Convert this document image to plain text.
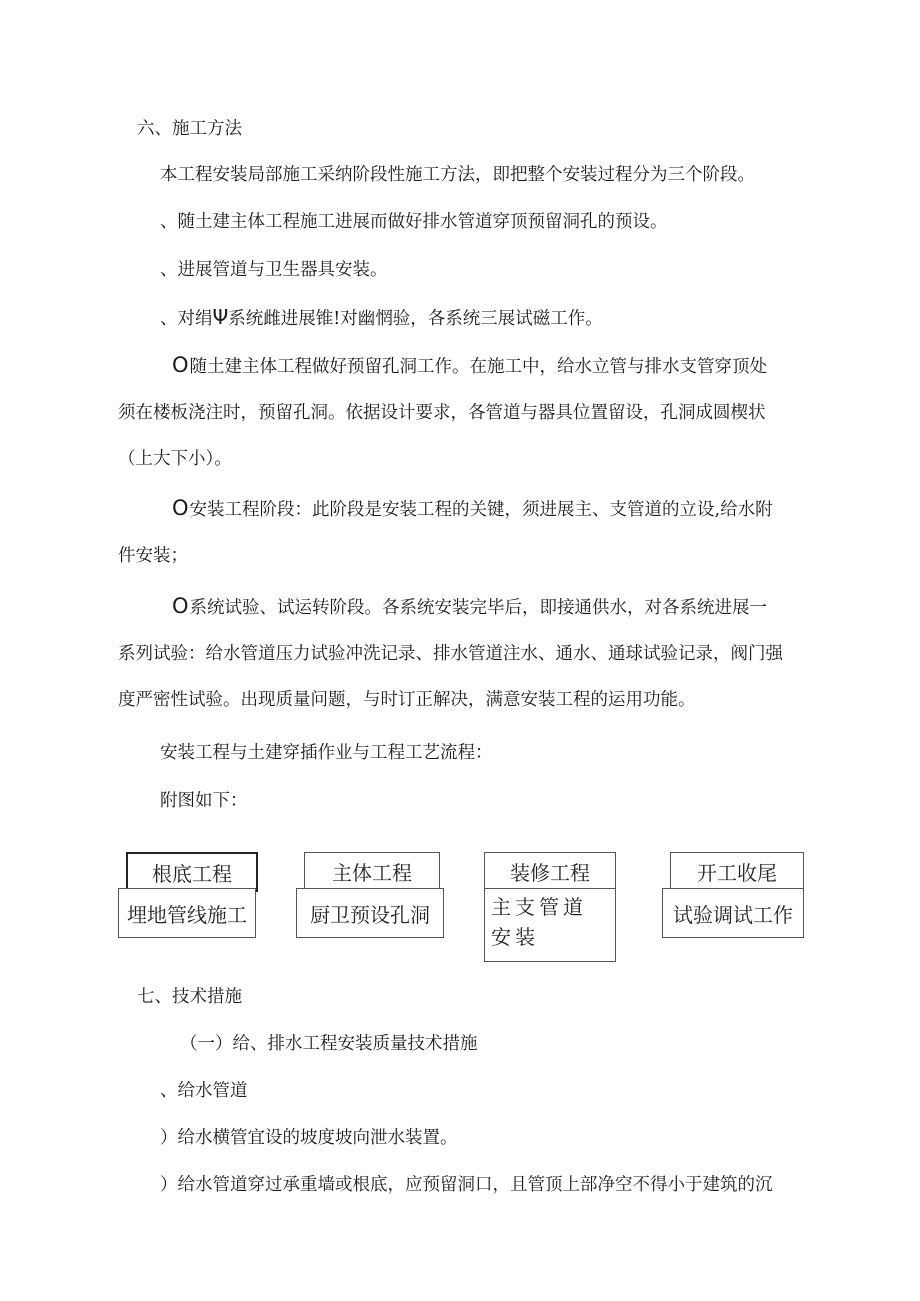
六、施工方法
本工程安装局部施工采纳阶段性施工方法，即把整个安装过程分为三个阶段。
、随土建主体工程施工进展而做好排水管道穿顶预留洞孔的预设。
、进展管道与卫生器具安装。
、对绢Ψ系统雌进展锥!对幽惘验，各系统三展试磁工作。
O随土建主体工程做好预留孔洞工作。在施工中，给水立管与排水支管穿顶处
须在楼板浇注时，预留孔洞。依据设计要求，各管道与器具位置留设，孔洞成圆楔状
（上大下小）。
O安装工程阶段：此阶段是安装工程的关键，须进展主、支管道的立设,给水附
件安装；
O系统试验、试运转阶段。各系统安装完毕后，即接通供水，对各系统进展一
系列试验：给水管道压力试验冲洗记录、排水管道注水、通水、通球试验记录，阀门强
度严密性试验。出现质量问题，与时订正解决，满意安装工程的运用功能。
安装工程与土建穿插作业与工程工艺流程：
附图如下：
根底工程
埋地管线施工
主体工程
厨卫预设孔洞
装修工程
主支管道安装
开工收尾
试验调试工作
七、技术措施
（一）给、排水工程安装质量技术措施
、给水管道
）给水横管宜设的坡度坡向泄水装置。
）给水管道穿过承重墙或根底，应预留洞口，且管顶上部净空不得小于建筑的沉
